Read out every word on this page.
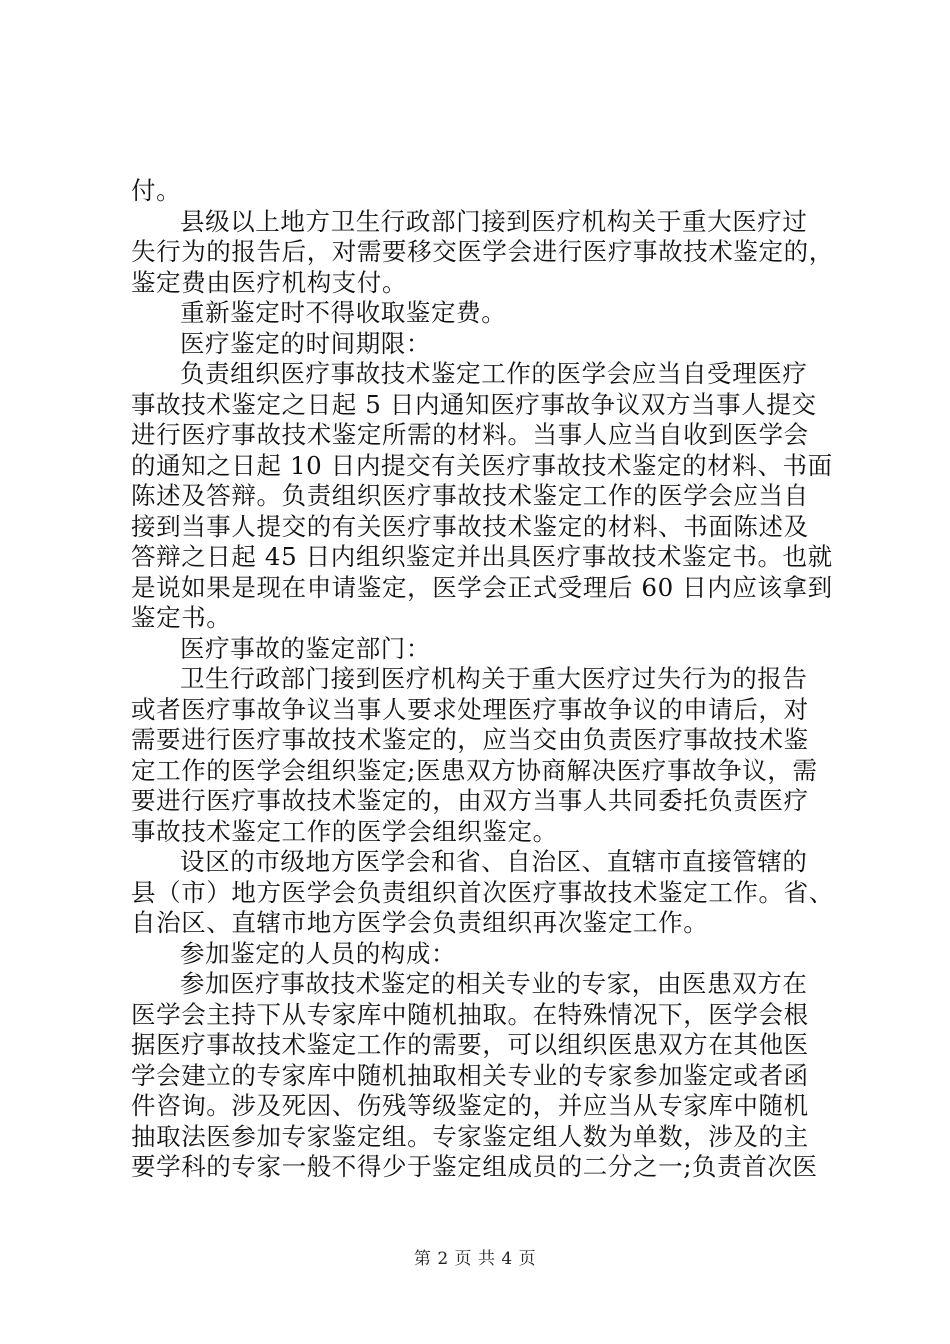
付。
县级以上地方卫生行政部门接到医疗机构关于重大医疗过
失行为的报告后，对需要移交医学会进行医疗事故技术鉴定的，
鉴定费由医疗机构支付。
重新鉴定时不得收取鉴定费。
医疗鉴定的时间期限：
负责组织医疗事故技术鉴定工作的医学会应当自受理医疗
事故技术鉴定之日起 5 日内通知医疗事故争议双方当事人提交
进行医疗事故技术鉴定所需的材料。当事人应当自收到医学会
的通知之日起 10 日内提交有关医疗事故技术鉴定的材料、书面
陈述及答辩。负责组织医疗事故技术鉴定工作的医学会应当自
接到当事人提交的有关医疗事故技术鉴定的材料、书面陈述及
答辩之日起 45 日内组织鉴定并出具医疗事故技术鉴定书。也就
是说如果是现在申请鉴定，医学会正式受理后 60 日内应该拿到
鉴定书。
医疗事故的鉴定部门：
卫生行政部门接到医疗机构关于重大医疗过失行为的报告
或者医疗事故争议当事人要求处理医疗事故争议的申请后，对
需要进行医疗事故技术鉴定的，应当交由负责医疗事故技术鉴
定工作的医学会组织鉴定;医患双方协商解决医疗事故争议，需
要进行医疗事故技术鉴定的，由双方当事人共同委托负责医疗
事故技术鉴定工作的医学会组织鉴定。
设区的市级地方医学会和省、自治区、直辖市直接管辖的
县（市）地方医学会负责组织首次医疗事故技术鉴定工作。省、
自治区、直辖市地方医学会负责组织再次鉴定工作。
参加鉴定的人员的构成：
参加医疗事故技术鉴定的相关专业的专家，由医患双方在
医学会主持下从专家库中随机抽取。在特殊情况下，医学会根
据医疗事故技术鉴定工作的需要，可以组织医患双方在其他医
学会建立的专家库中随机抽取相关专业的专家参加鉴定或者函
件咨询。涉及死因、伤残等级鉴定的，并应当从专家库中随机
抽取法医参加专家鉴定组。专家鉴定组人数为单数，涉及的主
要学科的专家一般不得少于鉴定组成员的二分之一;负责首次医
第 2 页 共 4 页
